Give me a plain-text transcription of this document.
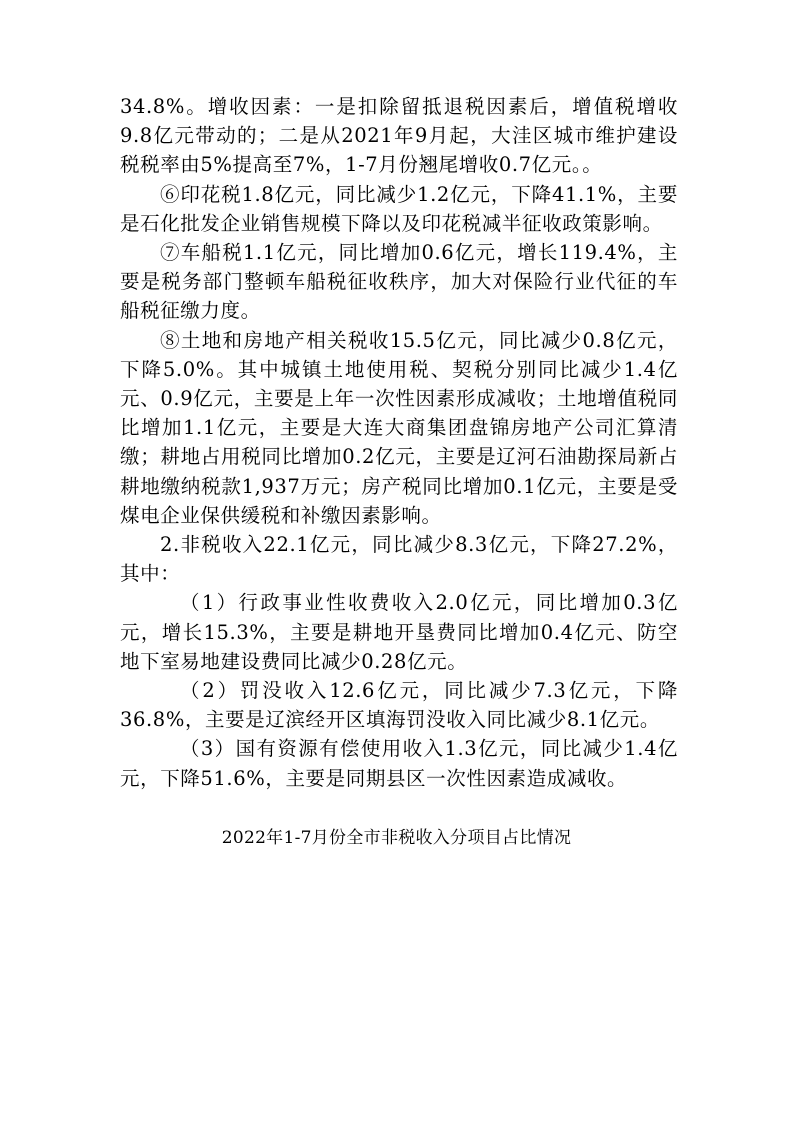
34.8%。增收因素：一是扣除留抵退税因素后，增值税增收9.8亿元带动的；二是从2021年9月起，大洼区城市维护建设税税率由5%提高至7%，1-7月份翘尾增收0.7亿元。。

⑥印花税1.8亿元，同比减少1.2亿元，下降41.1%，主要是石化批发企业销售规模下降以及印花税减半征收政策影响。

⑦车船税1.1亿元，同比增加0.6亿元，增长119.4%，主要是税务部门整顿车船税征收秩序，加大对保险行业代征的车船税征缴力度。

⑧土地和房地产相关税收15.5亿元，同比减少0.8亿元，下降5.0%。其中城镇土地使用税、契税分别同比减少1.4亿元、0.9亿元，主要是上年一次性因素形成减收；土地增值税同比增加1.1亿元，主要是大连大商集团盘锦房地产公司汇算清缴；耕地占用税同比增加0.2亿元，主要是辽河石油勘探局新占耕地缴纳税款1,937万元；房产税同比增加0.1亿元，主要是受煤电企业保供缓税和补缴因素影响。

2.非税收入22.1亿元，同比减少8.3亿元，下降27.2%，其中：

（1）行政事业性收费收入2.0亿元，同比增加0.3亿元，增长15.3%，主要是耕地开垦费同比增加0.4亿元、防空地下室易地建设费同比减少0.28亿元。

（2）罚没收入12.6亿元，同比减少7.3亿元，下降36.8%，主要是辽滨经开区填海罚没收入同比减少8.1亿元。

（3）国有资源有偿使用收入1.3亿元，同比减少1.4亿元，下降51.6%，主要是同期县区一次性因素造成减收。

2022年1-7月份全市非税收入分项目占比情况
